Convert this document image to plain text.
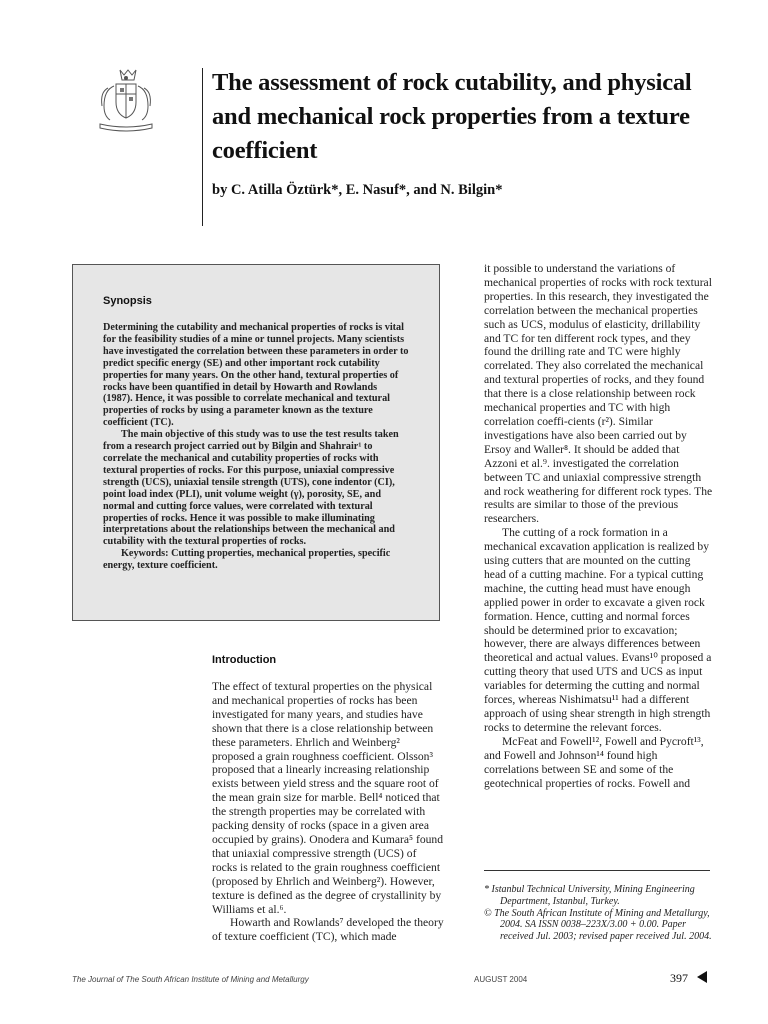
The assessment of rock cutability, and physical and mechanical rock properties from a texture coefficient

by C. Atilla Öztürk*, E. Nasuf*, and N. Bilgin*

Synopsis

Determining the cutability and mechanical properties of rocks is vital for the feasibility studies of a mine or tunnel projects. Many scientists have investigated the correlation between these parameters in order to predict specific energy (SE) and other important rock cutability properties for many years. On the other hand, textural properties of rocks have been quantified in detail by Howarth and Rowlands (1987). Hence, it was possible to correlate mechanical and textural properties of rocks by using a parameter known as the texture coefficient (TC).

The main objective of this study was to use the test results taken from a research project carried out by Bilgin and Shahrair¹ to correlate the mechanical and cutability properties of rocks with textural properties of rocks. For this purpose, uniaxial compressive strength (UCS), uniaxial tensile strength (UTS), cone indentor (CI), point load index (PLI), unit volume weight (γ), porosity, SE, and normal and cutting force values, were correlated with textural properties of rocks. Hence it was possible to make illuminating interpretations about the relationships between the mechanical and cutability with the textural properties of rocks.

Keywords: Cutting properties, mechanical properties, specific energy, texture coefficient.

Introduction

The effect of textural properties on the physical and mechanical properties of rocks has been investigated for many years, and studies have shown that there is a close relationship between these parameters. Ehrlich and Weinberg² proposed a grain roughness coefficient. Olsson³ proposed that a linearly increasing relationship exists between yield stress and the square root of the mean grain size for marble. Bell⁴ noticed that the strength properties may be correlated with packing density of rocks (space in a given area occupied by grains). Onodera and Kumara⁵ found that uniaxial compressive strength (UCS) of rocks is related to the grain roughness coefficient (proposed by Ehrlich and Weinberg²). However, texture is defined as the degree of crystallinity by Williams et al.⁶.

Howarth and Rowlands⁷ developed the theory of texture coefficient (TC), which made

it possible to understand the variations of mechanical properties of rocks with rock textural properties. In this research, they investigated the correlation between the mechanical properties such as UCS, modulus of elasticity, drillability and TC for ten different rock types, and they found the drilling rate and TC were highly correlated. They also correlated the mechanical and textural properties of rocks, and they found that there is a close relationship between rock mechanical properties and TC with high correlation coeffi-cients (r²). Similar investigations have also been carried out by Ersoy and Waller⁸. It should be added that Azzoni et al.⁹. investigated the correlation between TC and uniaxial compressive strength and rock weathering for different rock types. The results are similar to those of the previous researchers.

The cutting of a rock formation in a mechanical excavation application is realized by using cutters that are mounted on the cutting head of a cutting machine. For a typical cutting machine, the cutting head must have enough applied power in order to excavate a given rock formation. Hence, cutting and normal forces should be determined prior to excavation; however, there are always differences between theoretical and actual values. Evans¹⁰ proposed a cutting theory that used UTS and UCS as input variables for determing the cutting and normal forces, whereas Nishimatsu¹¹ had a different approach of using shear strength in high strength rocks to determine the relevant forces.

McFeat and Fowell¹², Fowell and Pycroft¹³, and Fowell and Johnson¹⁴ found high correlations between SE and some of the geotechnical properties of rocks. Fowell and

* Istanbul Technical University, Mining Engineering Department, Istanbul, Turkey.

© The South African Institute of Mining and Metallurgy, 2004. SA ISSN 0038–223X/3.00 + 0.00. Paper received Jul. 2003; revised paper received Jul. 2004.

The Journal of The South African Institute of Mining and Metallurgy	AUGUST 2004	397
